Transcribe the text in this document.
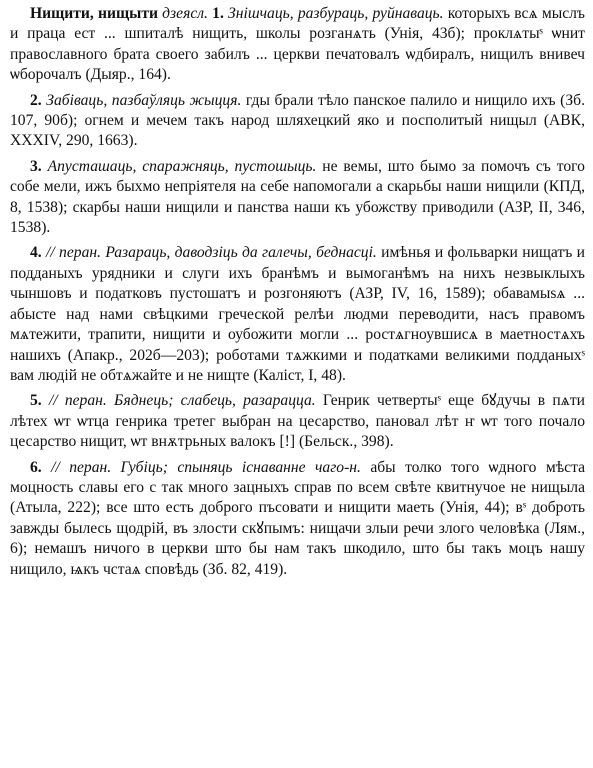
Нищити, нищыти дзеясл. 1. Знішчаць, разбураць, руйнаваць. которыхъ всѧ мыслъ и праца ест ... шпиталѣ нищить, школы розганѧть (Унія, 43б); проклѧтыˢ ѡнит православного брата своего забилъ ... церкви печатовалъ ѡдбиралъ, нищилъ внивеч ѡборочалъ (Дыяр., 164).

2. Забіваць, пазбаўляць жыцця. гды брали тѣло панское палило и нищило ихъ (Зб. 107, 90б); огнем и мечем такъ народ шляхецкий яко и посполитый нищыл (АВК, XXXIV, 290, 1663).

3. Апусташаць, спаражняць, пустошыць. не вемы, што бымо за помочъ съ того собе мели, ижъ быхмо непріятеля на себе напомогали а скарьбы наши нищили (КПД, 8, 1538); скарбы наши нищили и панства наши къ убожству приводили (АЗР, II, 346, 1538).

4. // перан. Разараць, даводзіць да галечы, беднасці. имѣнья и фольварки нищатъ и подданыхъ урядники и слуги ихъ бранѣмъ и вымоганѣмъ на нихъ незвыклыхъ чыншовъ и податковъ пустошатъ и розгоняютъ (АЗР, IV, 16, 1589); обавамыѕѧ ... абысте над нами свѣцкими греческой релѣи людми переводити, насъ правомъ мѧтежити, трапити, нищити и оубожити могли ... ростѧгноувшисѧ в маетностѧхъ нашихъ (Апакр., 202б—203); роботами тѧжкими и податками великими подданыхˢ вам людій не обтѧжайте и не нищте (Каліст, I, 48).

5. // перан. Бяднець; слабець, разарацца. Генрик четвертыˢ еще бꙋдучы в пѧти лѣтех ѡт ѡтца генрика третег выбран на цесарство, панoвал лѣт ҥ ѡт того почало цесарство нищит, ѡт внѫтрьных валокъ [!] (Бельск., 398).

6. // перан. Губіць; спыняць існаванне чаго-н. абы толко того ѡдного мѣста моцность славы его с так много зацныхъ справ по всем свѣте квитнучое не нищыла (Атыла, 222); все што есть доброго пъсовати и нищити маеть (Унія, 44); вˢ доброть завжды былесь щодрій, въ злости скꙋпымъ: нищачи злыи речи злого человѣка (Лям., 6); немашъ ничого в церкви што бы нам такъ шкодило, што бы такъ моцъ нашу нищило, ѩкъ чстаѧ сповѣдь (Зб. 82, 419).
